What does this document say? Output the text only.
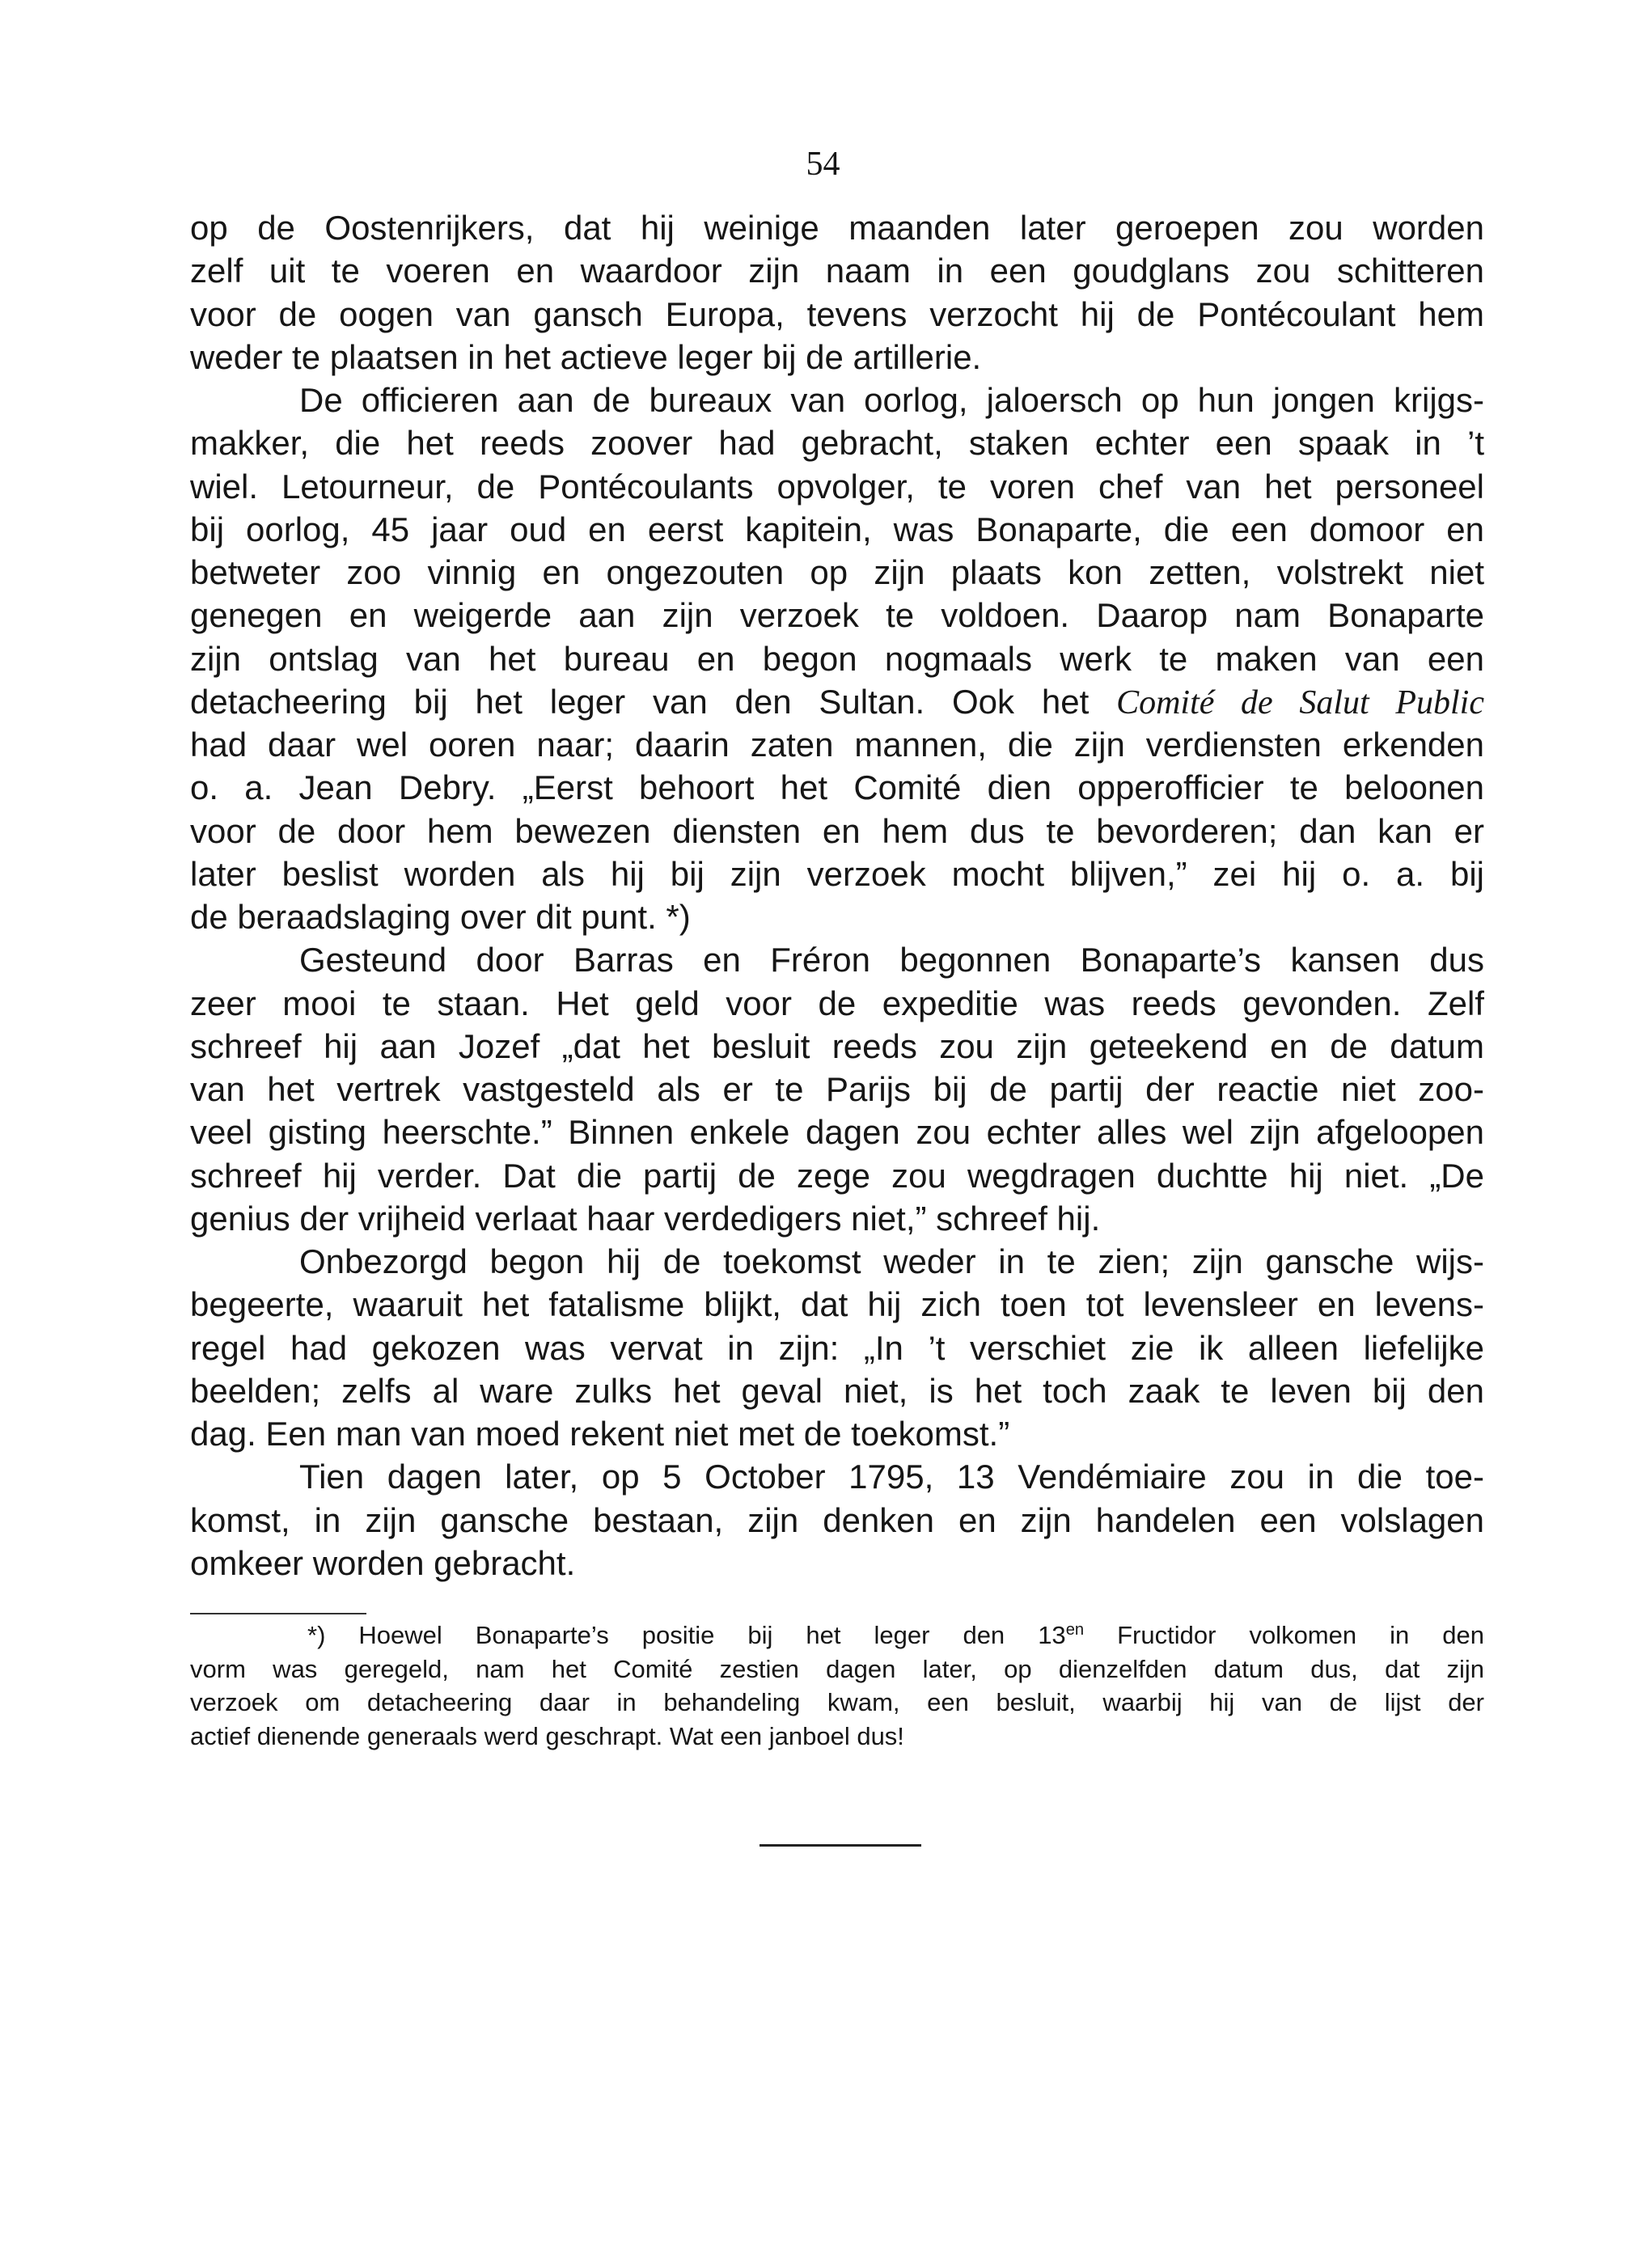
54
op de Oostenrijkers, dat hij weinige maanden later geroepen zou worden
zelf uit te voeren en waardoor zijn naam in een goudglans zou schitteren
voor de oogen van gansch Europa, tevens verzocht hij de Pontécoulant hem
weder te plaatsen in het actieve leger bij de artillerie.
De officieren aan de bureaux van oorlog, jaloersch op hun jongen krijgs-
makker, die het reeds zoover had gebracht, staken echter een spaak in ’t
wiel. Letourneur, de Pontécoulants opvolger, te voren chef van het personeel
bij oorlog, 45 jaar oud en eerst kapitein, was Bonaparte, die een domoor en
betweter zoo vinnig en ongezouten op zijn plaats kon zetten, volstrekt niet
genegen en weigerde aan zijn verzoek te voldoen. Daarop nam Bonaparte
zijn ontslag van het bureau en begon nogmaals werk te maken van een
detacheering bij het leger van den Sultan. Ook het Comité de Salut Public
had daar wel ooren naar; daarin zaten mannen, die zijn verdiensten erkenden
o. a. Jean Debry. „Eerst behoort het Comité dien opperofficier te beloonen
voor de door hem bewezen diensten en hem dus te bevorderen; dan kan er
later beslist worden als hij bij zijn verzoek mocht blijven,” zei hij o. a. bij
de beraadslaging over dit punt. *)
Gesteund door Barras en Fréron begonnen Bonaparte’s kansen dus
zeer mooi te staan. Het geld voor de expeditie was reeds gevonden. Zelf
schreef hij aan Jozef „dat het besluit reeds zou zijn geteekend en de datum
van het vertrek vastgesteld als er te Parijs bij de partij der reactie niet zoo-
veel gisting heerschte.” Binnen enkele dagen zou echter alles wel zijn afgeloopen
schreef hij verder. Dat die partij de zege zou wegdragen duchtte hij niet. „De
genius der vrijheid verlaat haar verdedigers niet,” schreef hij.
Onbezorgd begon hij de toekomst weder in te zien; zijn gansche wijs-
begeerte, waaruit het fatalisme blijkt, dat hij zich toen tot levensleer en levens-
regel had gekozen was vervat in zijn: „In ’t verschiet zie ik alleen liefelijke
beelden; zelfs al ware zulks het geval niet, is het toch zaak te leven bij den
dag. Een man van moed rekent niet met de toekomst.”
Tien dagen later, op 5 October 1795, 13 Vendémiaire zou in die toe-
komst, in zijn gansche bestaan, zijn denken en zijn handelen een volslagen
omkeer worden gebracht.
*) Hoewel Bonaparte’s positie bij het leger den $13^{en}$ Fructidor volkomen in den
vorm was geregeld, nam het Comité zestien dagen later, op dienzelfden datum dus, dat zijn
verzoek om detacheering daar in behandeling kwam, een besluit, waarbij hij van de lijst der
actief dienende generaals werd geschrapt. Wat een janboel dus!
